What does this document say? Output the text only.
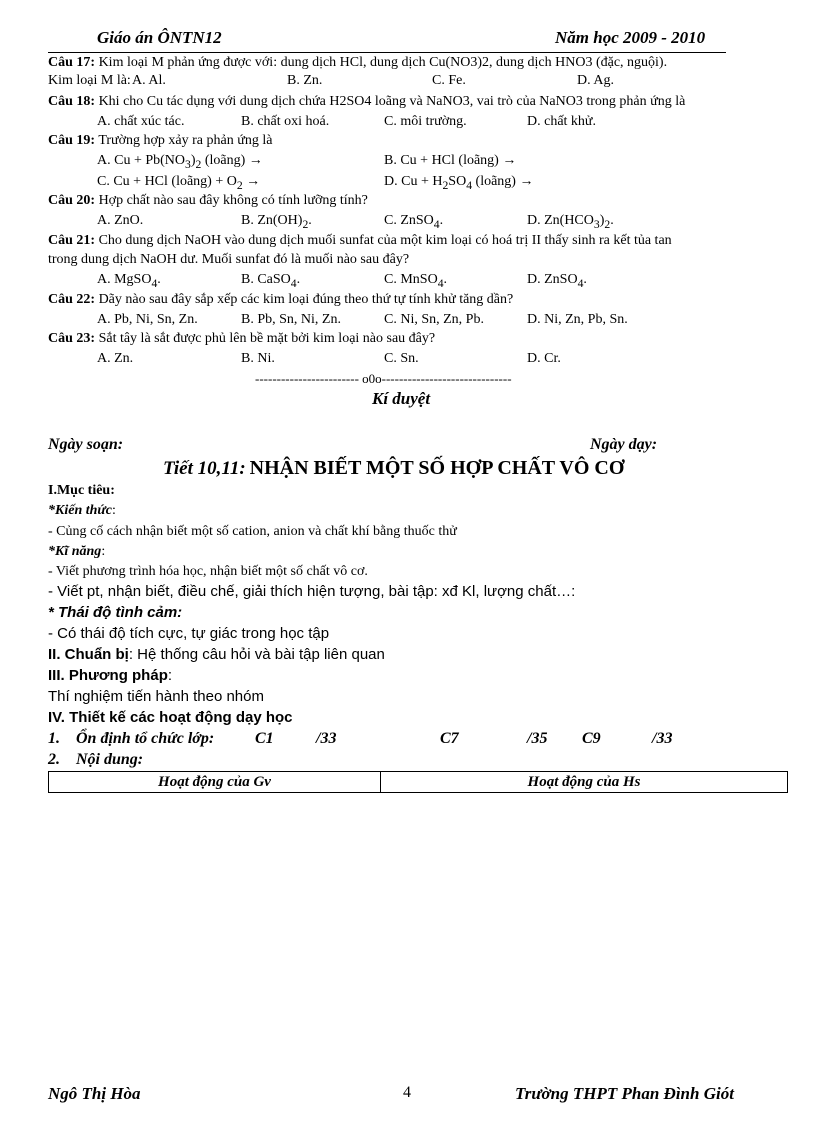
Giáo án ÔNTN12	Năm học 2009 - 2010
Câu 17: Kim loại M phản ứng được với: dung dịch HCl, dung dịch Cu(NO3)2, dung dịch HNO3 (đặc, nguội).
Kim loại M là: A. Al.	B. Zn.	C. Fe.	D. Ag.
Câu 18: Khi cho Cu tác dụng với dung dịch chứa H2SO4 loãng và NaNO3, vai trò của NaNO3 trong phản ứng là
A. chất xúc tác.	B. chất oxi hoá.	C. môi trường.	D. chất khử.
Câu 19: Trường hợp xảy ra phản ứng là
A. $Cu + Pb(NO_3)_2$ (loãng) →	B. Cu + HCl (loãng) →
C. Cu + HCl (loãng) + $O_2$ →	D. $Cu + H_2SO_4$ (loãng) →
Câu 20: Hợp chất nào sau đây không có tính lưỡng tính?
A. ZnO.	B. $Zn(OH)_2$.	C. ZnSO$_4$.	D. $Zn(HCO_3)_2$.
Câu 21: Cho dung dịch NaOH vào dung dịch muối sunfat của một kim loại có hoá trị II thấy sinh ra kết tủa tan
trong dung dịch NaOH dư. Muối sunfat đó là muối nào sau đây?
A. MgSO$_4$.	B. CaSO$_4$.	C. MnSO$_4$.	D. ZnSO$_4$.
Câu 22: Dãy nào sau đây sắp xếp các kim loại đúng theo thứ tự tính khử tăng dần?
A. Pb, Ni, Sn, Zn.	B. Pb, Sn, Ni, Zn.	C. Ni, Sn, Zn, Pb.	D. Ni, Zn, Pb, Sn.
Câu 23: Sắt tây là sắt được phủ lên bề mặt bởi kim loại nào sau đây?
A. Zn.	B. Ni.	C. Sn.	D. Cr.
------------------------ o0o------------------------------
Kí duyệt
Ngày soạn:	Ngày dạy:
Tiết 10,11: NHẬN BIẾT MỘT SỐ HỢP CHẤT VÔ CƠ
I.Mục tiêu:
*Kiến thức:
- Củng cố cách nhận biết một số cation, anion và chất khí bằng thuốc thử
*Kĩ năng:
- Viết phương trình hóa học, nhận biết một số chất vô cơ.
- Viết pt, nhận biết, điều chế, giải thích hiện tượng, bài tập: xđ Kl, lượng chất…:
* Thái độ tình cảm:
- Có thái độ tích cực, tự giác trong học tập
II. Chuẩn bị: Hệ thống câu hỏi và bài tập liên quan
III. Phương pháp:
Thí nghiệm tiến hành theo nhóm
IV. Thiết kế các hoạt động dạy học
1. Ổn định tổ chức lớp:	C1	/33	C7	/35 C9	/33
2. Nội dung:
Hoạt động của Gv	Hoạt động của Hs
Ngô Thị Hòa	4	Trường THPT Phan Đình Giót
